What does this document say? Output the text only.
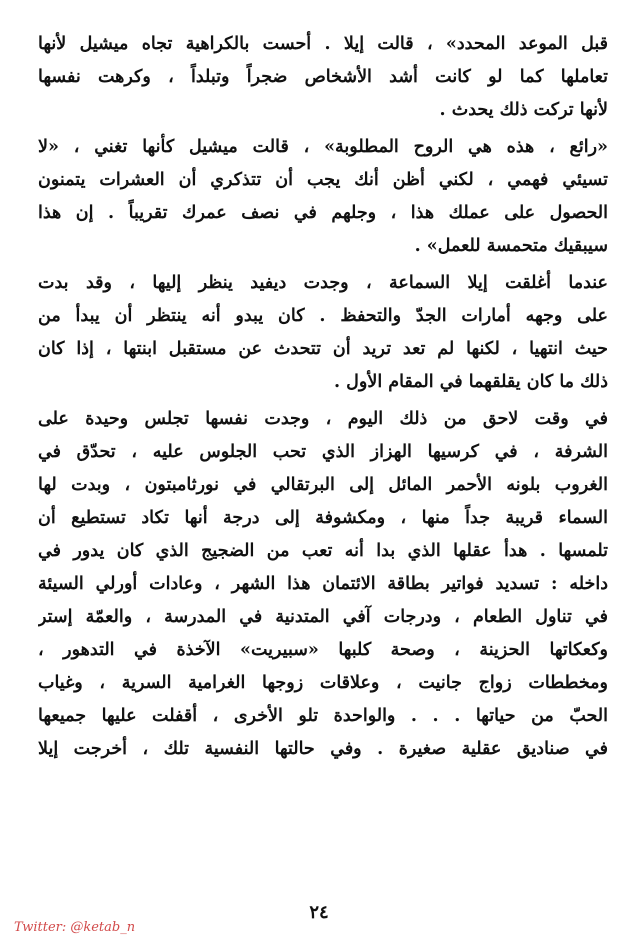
قبل الموعد المحدد» ، قالت إيلا . أحست بالكراهية تجاه ميشيل لأنها
تعاملها كما لو كانت أشد الأشخاص ضجراً وتبلداً ، وكرهت نفسها
لأنها تركت ذلك يحدث .
«رائع ، هذه هي الروح المطلوبة» ، قالت ميشيل كأنها تغني ، «لا
تسيئي فهمي ، لكني أظن أنك يجب أن تتذكري أن العشرات يتمنون
الحصول على عملك هذا ، وجلهم في نصف عمرك تقريباً . إن هذا
سيبقيك متحمسة للعمل» .
عندما أغلقت إيلا السماعة ، وجدت ديفيد ينظر إليها ، وقد بدت
على وجهه أمارات الجدّ والتحفظ . كان يبدو أنه ينتظر أن يبدأ من
حيث انتهيا ، لكنها لم تعد تريد أن تتحدث عن مستقبل ابنتها ، إذا كان
ذلك ما كان يقلقهما في المقام الأول .
في وقت لاحق من ذلك اليوم ، وجدت نفسها تجلس وحيدة على
الشرفة ، في كرسيها الهزاز الذي تحب الجلوس عليه ، تحدّق في
الغروب بلونه الأحمر المائل إلى البرتقالي في نورثامبتون ، وبدت لها
السماء قريبة جداً منها ، ومكشوفة إلى درجة أنها تكاد تستطيع أن
تلمسها . هدأ عقلها الذي بدا أنه تعب من الضجيج الذي كان يدور في
داخله : تسديد فواتير بطاقة الائتمان هذا الشهر ، وعادات أورلي السيئة
في تناول الطعام ، ودرجات آفي المتدنية في المدرسة ، والعمّة إستر
وكعكاتها الحزينة ، وصحة كلبها «سبيريت» الآخذة في التدهور ،
ومخططات زواج جانيت ، وعلاقات زوجها الغرامية السرية ، وغياب
الحبّ من حياتها . . . والواحدة تلو الأخرى ، أقفلت عليها جميعها
في صناديق عقلية صغيرة . وفي حالتها النفسية تلك ، أخرجت إيلا
٢٤
Twitter: @ketab_n
